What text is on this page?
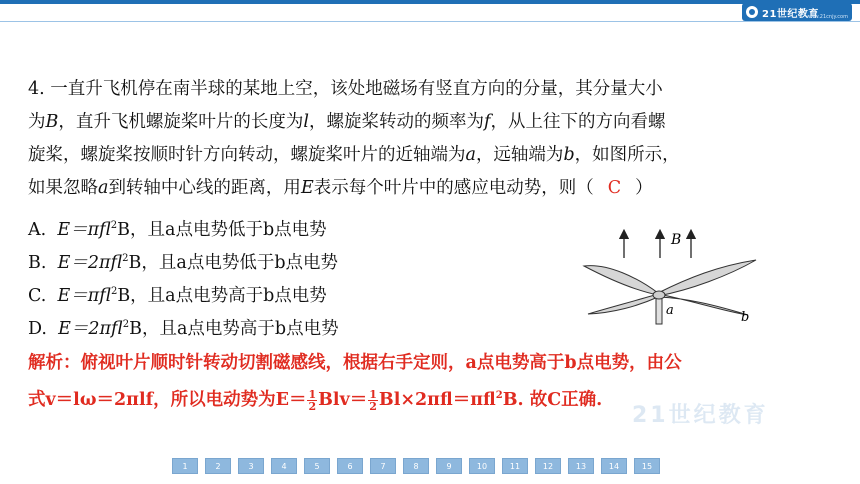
21世纪教育
www.21cnjy.com
4. 一直升飞机停在南半球的某地上空，该处地磁场有竖直方向的分量，其分量大小
为B，直升飞机螺旋桨叶片的长度为l，螺旋桨转动的频率为f，从上往下的方向看螺
旋桨，螺旋桨按顺时针方向转动，螺旋桨叶片的近轴端为a，远轴端为b，如图所示，
如果忽略a到转轴中心线的距离，用E表示每个叶片中的感应电动势，则（ C ）
A. E＝πfl$^2$B，且a点电势低于b点电势
B. E＝2πfl$^2$B，且a点电势低于b点电势
C. E＝πfl$^2$B，且a点电势高于b点电势
D. E＝2πfl$^2$B，且a点电势高于b点电势
解析：俯视叶片顺时针转动切割磁感线，根据右手定则，a点电势高于b点电势，由公
式v＝lω＝2πlf，所以电动势为$E= \frac{1}{2} Blv= \frac{1}{2} Bl\times 2\pi fl=\pi fl^2B$. 故C正确.
B
a	b
21世纪教育
1	2	3	4	5	6	7	8	9	10	11	12	13	14	15
